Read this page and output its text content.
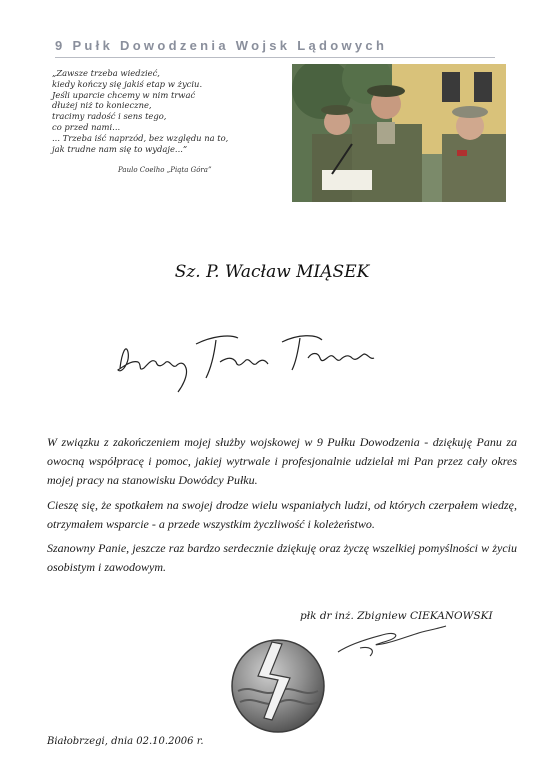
9 Pułk Dowodzenia Wojsk Lądowych
„Zawsze trzeba wiedzieć,
kiedy kończy się jakiś etap w życiu.
Jeśli uparcie chcemy w nim trwać
dłużej niż to konieczne,
tracimy radość i sens tego,
co przed nami...
... Trzeba iść naprzód, bez względu na to,
jak trudne nam się to wydaje...”
Paulo Coelho „Piąta Góra”
Sz. P. Wacław MIĄSEK

W związku z zakończeniem mojej służby wojskowej w 9 Pułku Dowodzenia - dziękuję Panu za owocną współpracę i pomoc, jakiej wytrwale i profesjonalnie udzielał mi Pan przez cały okres mojej pracy na stanowisku Dowódcy Pułku.

Cieszę się, że spotkałem na swojej drodze wielu wspaniałych ludzi, od których czerpałem wiedzę, otrzymałem wsparcie - a przede wszystkim życzliwość i koleżeństwo.

Szanowny Panie, jeszcze raz bardzo serdecznie dziękuję oraz życzę wszelkiej pomyślności w życiu osobistym i zawodowym.

płk dr inż. Zbigniew CIEKANOWSKI
Białobrzegi, dnia 02.10.2006 r.
